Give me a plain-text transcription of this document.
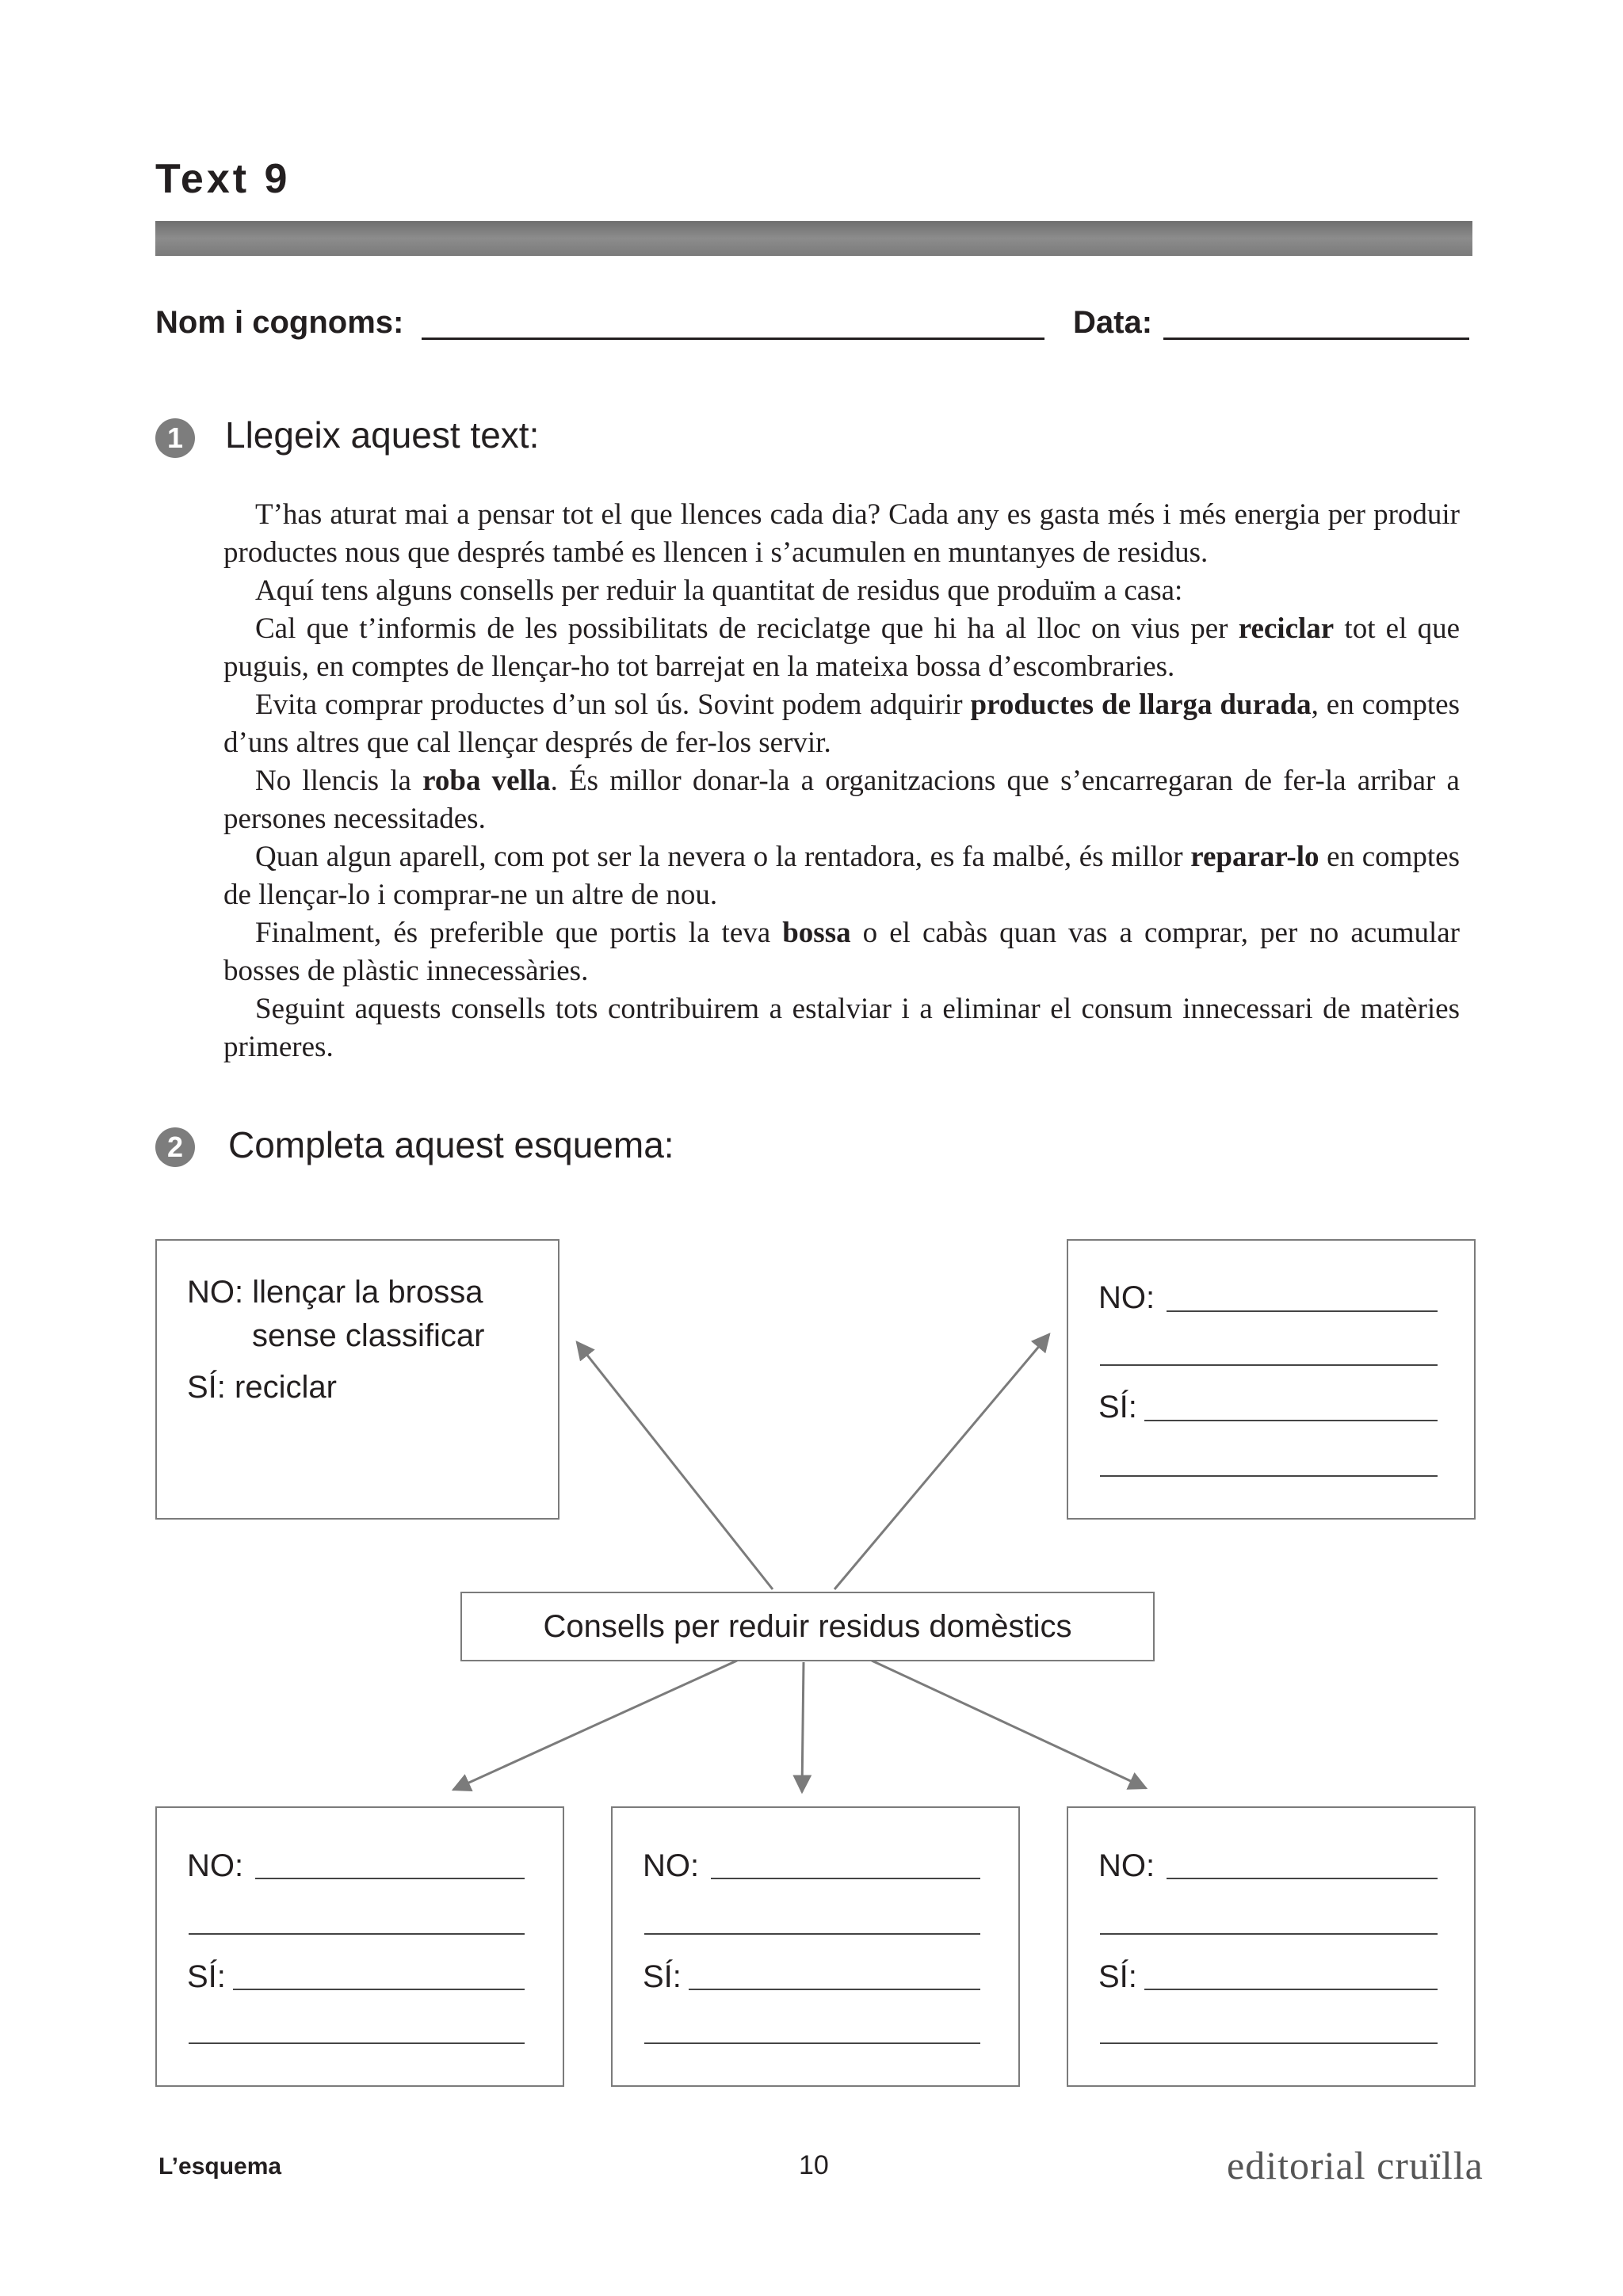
Text 9
Nom i cognoms:	Data:
1	Llegeix aquest text:

T’has aturat mai a pensar tot el que llences cada dia? Cada any es gasta més i més energia per produir productes nous que després també es llencen i s’acumulen en muntanyes de residus.

Aquí tens alguns consells per reduir la quantitat de residus que produïm a casa:

Cal que t’informis de les possibilitats de reciclatge que hi ha al lloc on vius per reciclar tot el que puguis, en comptes de llençar-ho tot barrejat en la mateixa bossa d’escombraries.

Evita comprar productes d’un sol ús. Sovint podem adquirir productes de llarga durada, en comptes d’uns altres que cal llençar després de fer-los servir.

No llencis la roba vella. És millor donar-la a organitzacions que s’encarregaran de fer-la arribar a persones necessitades.

Quan algun aparell, com pot ser la nevera o la rentadora, es fa malbé, és millor reparar-lo en comptes de llençar-lo i comprar-ne un altre de nou.

Finalment, és preferible que portis la teva bossa o el cabàs quan vas a comprar, per no acumular bosses de plàstic innecessàries.

Seguint aquests consells tots contribuirem a estalviar i a eliminar el consum innecessari de matèries primeres.

2	Completa aquest esquema:
Consells per reduir residus domèstics
NO: llençar la brossa
sense classificar
SÍ: reciclar
NO:
SÍ:
NO:
SÍ:
NO:
SÍ:
NO:
SÍ:
L’esquema	10	editorial cruïlla
